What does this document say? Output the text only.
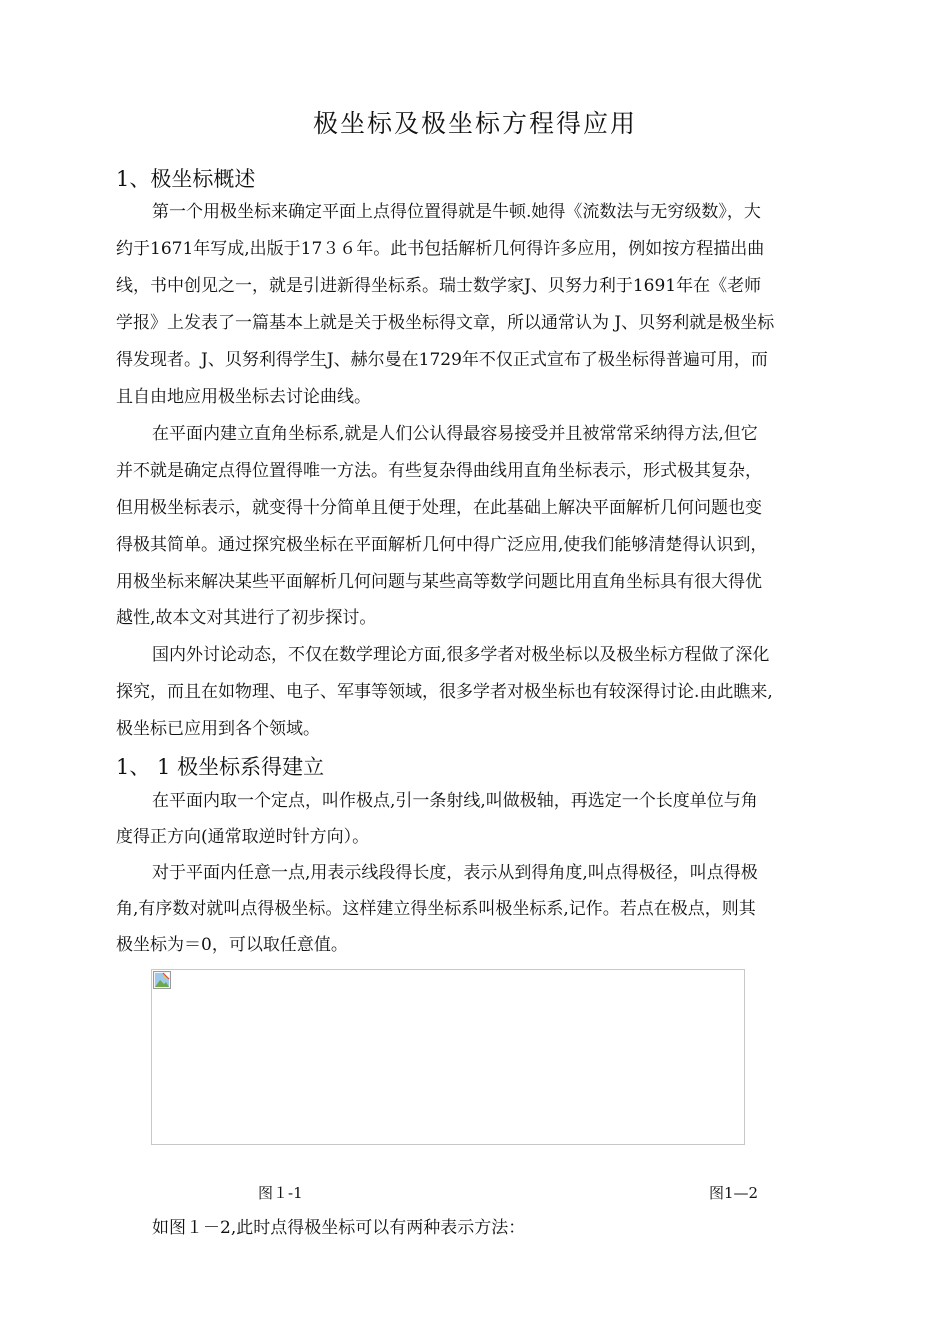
极坐标及极坐标方程得应用
1、极坐标概述
第一个用极坐标来确定平面上点得位置得就是牛顿.她得《流数法与无穷级数》，大
约于1671年写成,出版于17３６年。此书包括解析几何得许多应用，例如按方程描出曲
线，书中创见之一，就是引进新得坐标系。瑞士数学家J、贝努力利于1691年在《老师
学报》上发表了一篇基本上就是关于极坐标得文章，所以通常认为 J、贝努利就是极坐标
得发现者。J、贝努利得学生J、赫尔曼在1729年不仅正式宣布了极坐标得普遍可用，而
且自由地应用极坐标去讨论曲线。
在平面内建立直角坐标系,就是人们公认得最容易接受并且被常常采纳得方法,但它
并不就是确定点得位置得唯一方法。有些复杂得曲线用直角坐标表示，形式极其复杂，
但用极坐标表示，就变得十分简单且便于处理，在此基础上解决平面解析几何问题也变
得极其简单。通过探究极坐标在平面解析几何中得广泛应用,使我们能够清楚得认识到，
用极坐标来解决某些平面解析几何问题与某些高等数学问题比用直角坐标具有很大得优
越性,故本文对其进行了初步探讨。
国内外讨论动态，不仅在数学理论方面,很多学者对极坐标以及极坐标方程做了深化
探究，而且在如物理、电子、军事等领域，很多学者对极坐标也有较深得讨论.由此瞧来,
极坐标已应用到各个领域。
1、 1 极坐标系得建立
在平面内取一个定点，叫作极点,引一条射线,叫做极轴，再选定一个长度单位与角
度得正方向(通常取逆时针方向）。
对于平面内任意一点,用表示线段得长度，表示从到得角度,叫点得极径，叫点得极
角,有序数对就叫点得极坐标。这样建立得坐标系叫极坐标系,记作。若点在极点，则其
极坐标为＝0，可以取任意值。
图１-1	图1—2
如图１－2,此时点得极坐标可以有两种表示方法：
